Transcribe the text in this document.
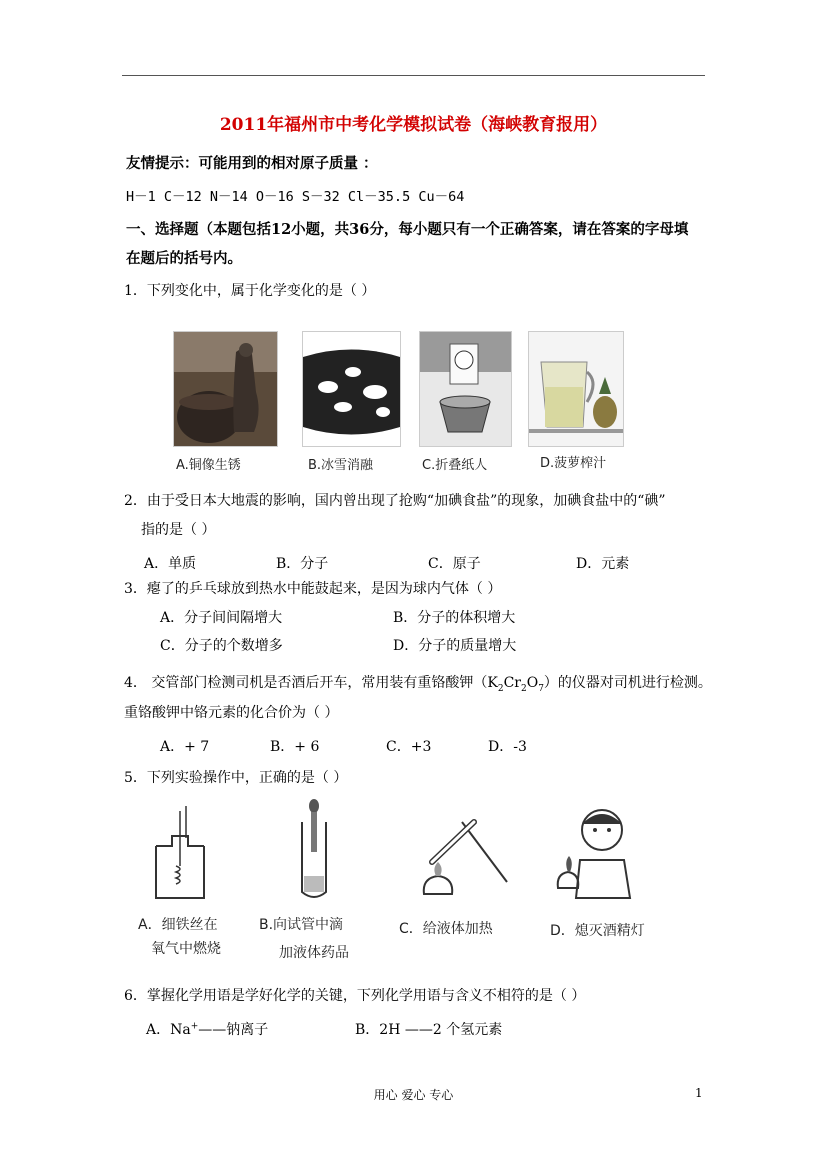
2011年福州市中考化学模拟试卷（海峡教育报用）
友情提示：可能用到的相对原子质量 ：
H－1 C－12 N－14 O－16 S－32 Cl－35.5 Cu－64
一、选择题（本题包括12小题，共36分，每小题只有一个正确答案，请在答案的字母填
在题后的括号内。
1．下列变化中，属于化学变化的是（ ）
A.铜像生锈	B.冰雪消融	C.折叠纸人	D.菠萝榨汁
2．由于受日本大地震的影响，国内曾出现了抢购“加碘食盐”的现象，加碘食盐中的“碘”
指的是（ ）
A．单质	B．分子	C．原子	D．元素
3．瘪了的乒乓球放到热水中能鼓起来，是因为球内气体（ ）
A．分子间间隔增大	B．分子的体积增大
C．分子的个数增多	D．分子的质量增大
4． 交管部门检测司机是否酒后开车，常用装有重铬酸钾$(K_2Cr_2O_7)$的仪器对司机进行检测。
重铬酸钾中铬元素的化合价为（ ）
A．+ 7	B．+ 6	C．+3	D．-3
5．下列实验操作中，正确的是（ ）
A．细铁丝在
氧气中燃烧
B.向试管中滴
加液体药品
C．给液体加热	D．熄灭酒精灯
6．掌握化学用语是学好化学的关键，下列化学用语与含义不相符的是（ ）
A．Na+——钠离子	B．2H ——2 个氢元素
用心 爱心 专心	1
